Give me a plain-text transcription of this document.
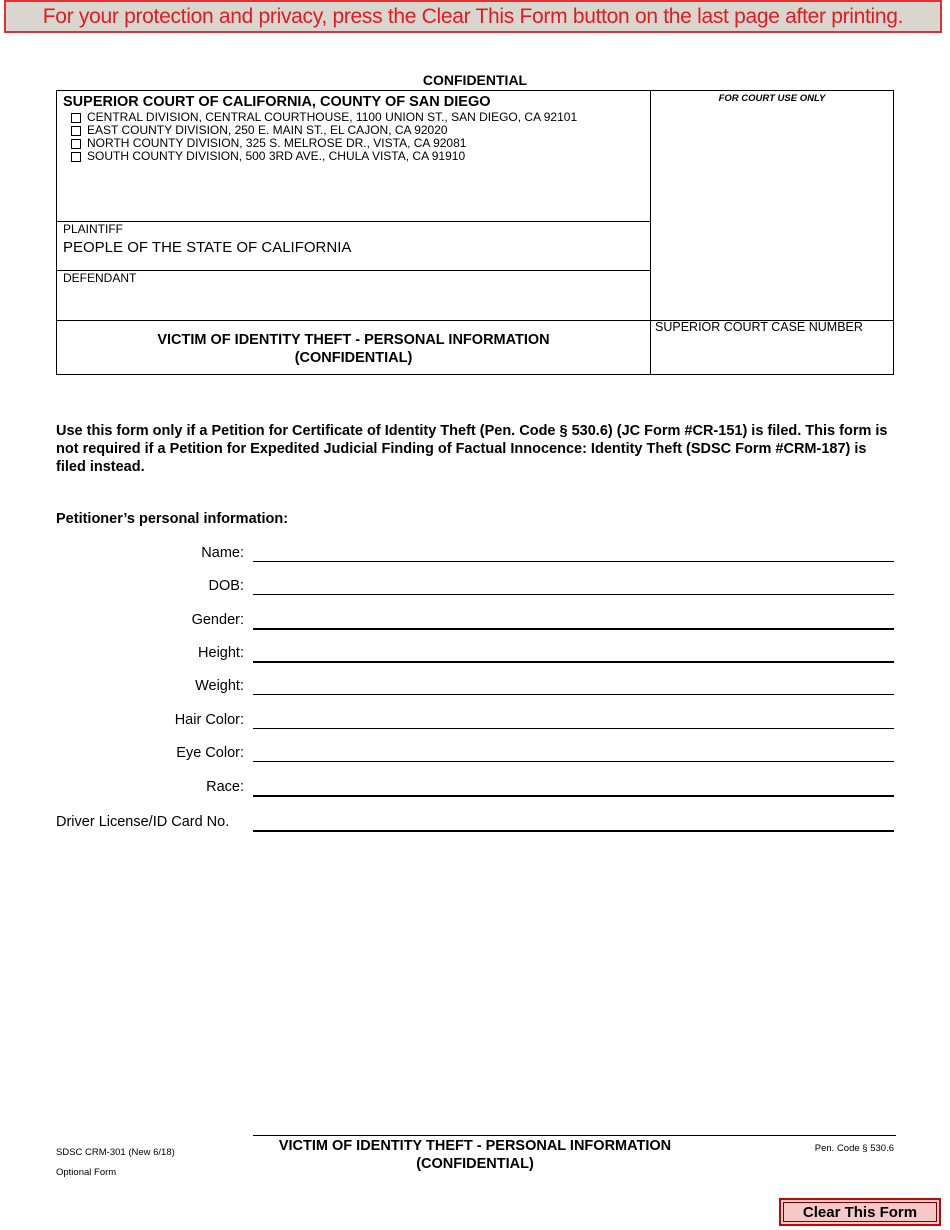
For your protection and privacy, press the Clear This Form button on the last page after printing.
CONFIDENTIAL
SUPERIOR COURT OF CALIFORNIA, COUNTY OF SAN DIEGO
CENTRAL DIVISION, CENTRAL COURTHOUSE, 1100 UNION ST., SAN DIEGO, CA 92101
EAST COUNTY DIVISION, 250 E. MAIN ST., EL CAJON, CA 92020
NORTH COUNTY DIVISION, 325 S. MELROSE DR., VISTA, CA 92081
SOUTH COUNTY DIVISION, 500 3RD AVE., CHULA VISTA, CA 91910
PLAINTIFF
PEOPLE OF THE STATE OF CALIFORNIA
DEFENDANT
FOR COURT USE ONLY
SUPERIOR COURT CASE NUMBER
VICTIM OF IDENTITY THEFT - PERSONAL INFORMATION
(CONFIDENTIAL)
Use this form only if a Petition for Certificate of Identity Theft (Pen. Code § 530.6) (JC Form #CR-151) is filed. This form is not required if a Petition for Expedited Judicial Finding of Factual Innocence: Identity Theft (SDSC Form #CRM-187) is filed instead.
Petitioner’s personal information:
Name:
DOB:
Gender:
Height:
Weight:
Hair Color:
Eye Color:
Race:
Driver License/ID Card No.
SDSC CRM-301 (New 6/18)
Optional Form
VICTIM OF IDENTITY THEFT - PERSONAL INFORMATION
(CONFIDENTIAL)
Pen. Code § 530.6
Clear This Form
